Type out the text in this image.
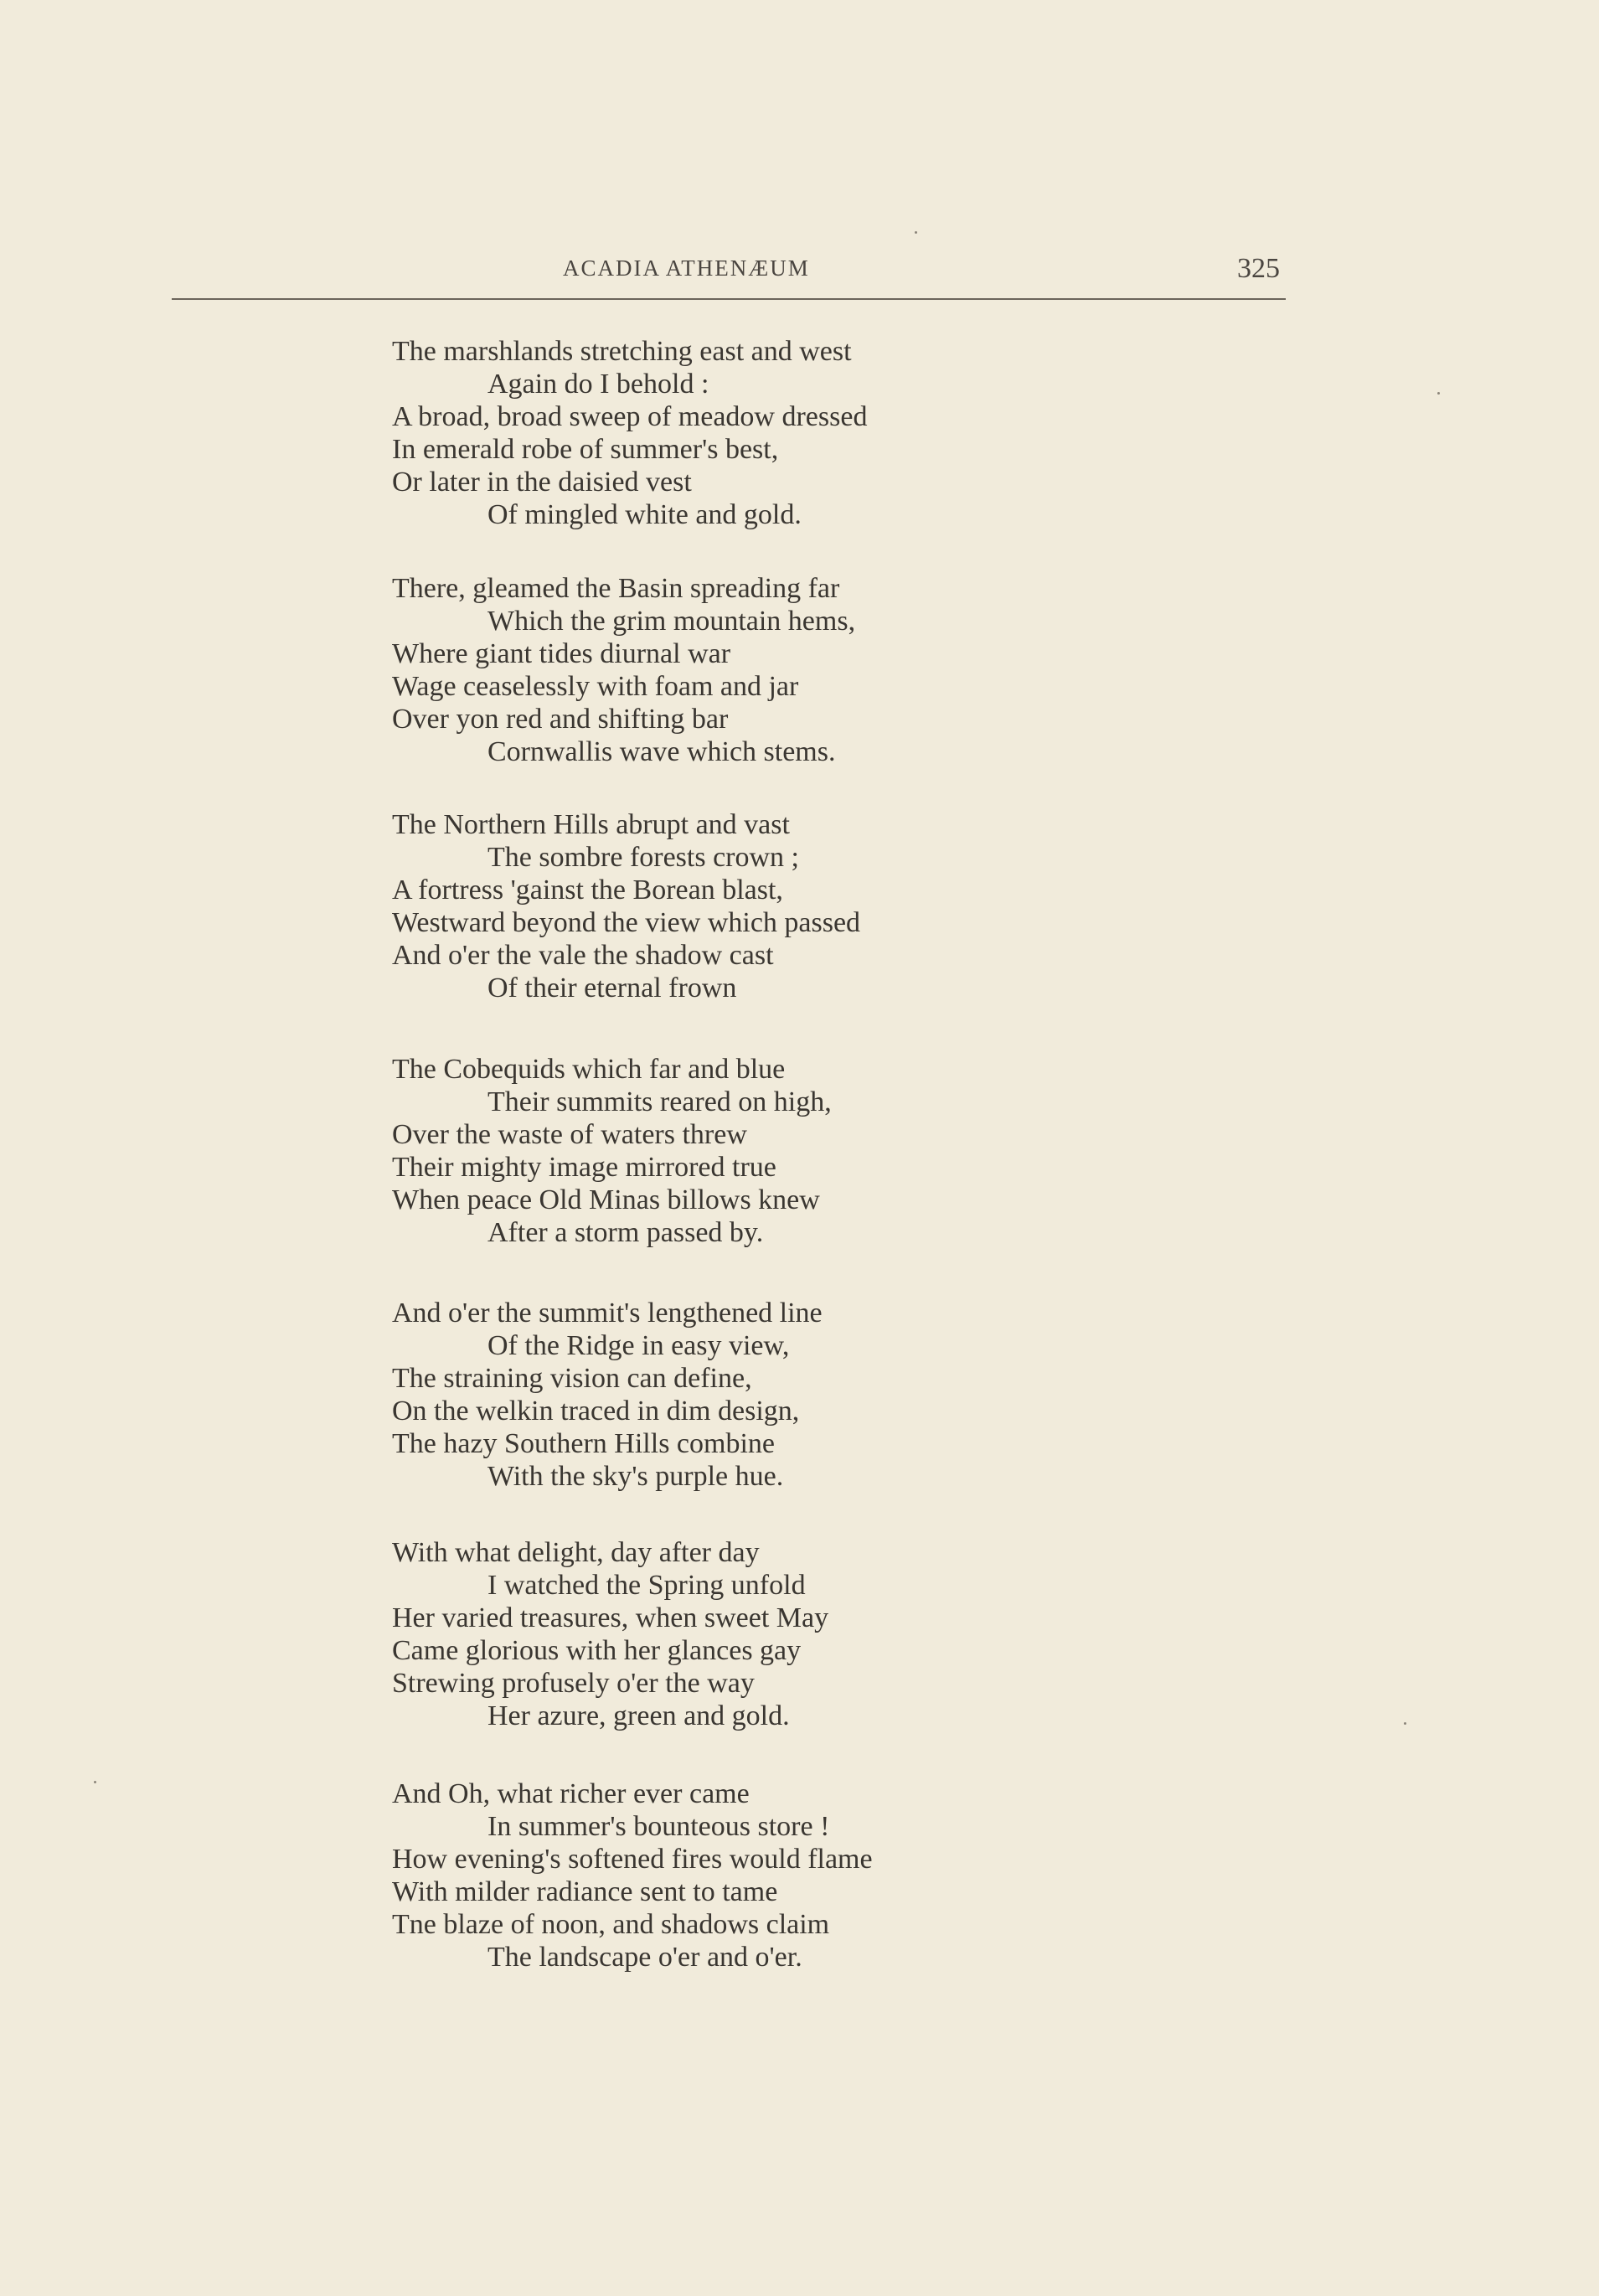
ACADIA ATHENÆUM	325
The marshlands stretching east and west
Again do I behold :
A broad, broad sweep of meadow dressed
In emerald robe of summer's best,
Or later in the daisied vest
Of mingled white and gold.
There, gleamed the Basin spreading far
Which the grim mountain hems,
Where giant tides diurnal war
Wage ceaselessly with foam and jar
Over yon red and shifting bar
Cornwallis wave which stems.
The Northern Hills abrupt and vast
The sombre forests crown ;
A fortress 'gainst the Borean blast,
Westward beyond the view which passed
And o'er the vale the shadow cast
Of their eternal frown
The Cobequids which far and blue
Their summits reared on high,
Over the waste of waters threw
Their mighty image mirrored true
When peace Old Minas billows knew
After a storm passed by.
And o'er the summit's lengthened line
Of the Ridge in easy view,
The straining vision can define,
On the welkin traced in dim design,
The hazy Southern Hills combine
With the sky's purple hue.
With what delight, day after day
I watched the Spring unfold
Her varied treasures, when sweet May
Came glorious with her glances gay
Strewing profusely o'er the way
Her azure, green and gold.
And Oh, what richer ever came
In summer's bounteous store !
How evening's softened fires would flame
With milder radiance sent to tame
Tne blaze of noon, and shadows claim
The landscape o'er and o'er.
